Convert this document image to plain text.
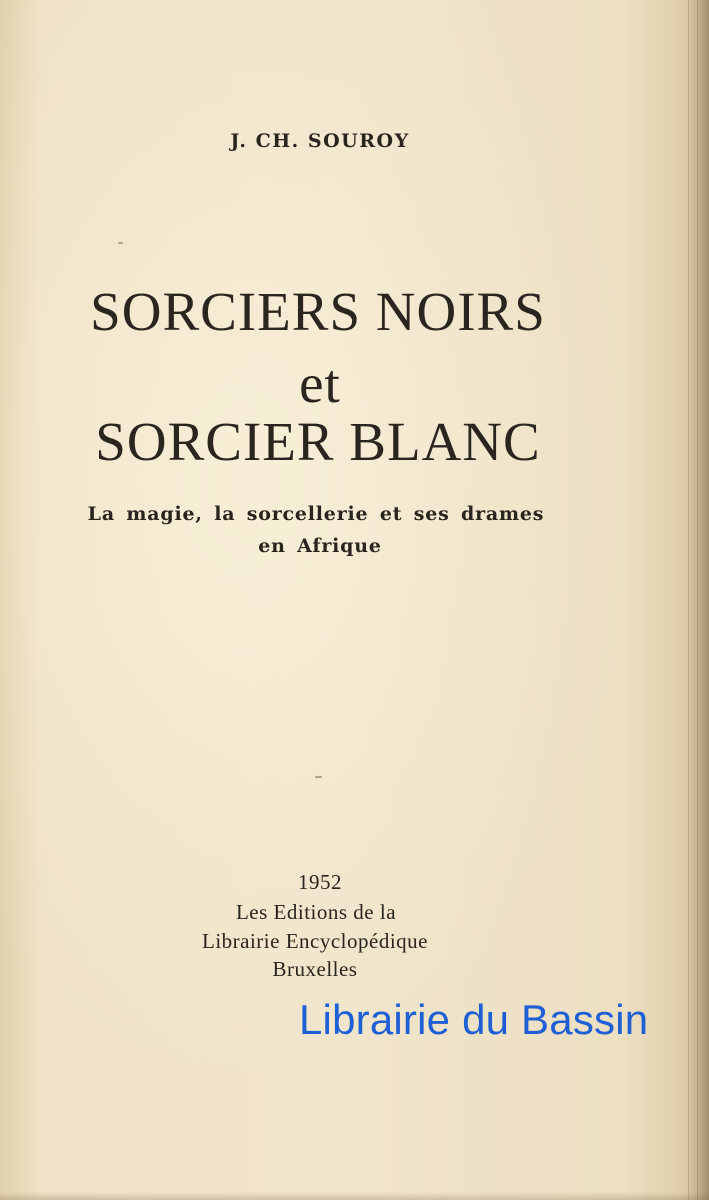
J. CH. SOUROY
SORCIERS NOIRS
et
SORCIER BLANC
La magie, la sorcellerie et ses drames
en Afrique
1952
Les Editions de la
Librairie Encyclopédique
Bruxelles
Librairie du Bassin
